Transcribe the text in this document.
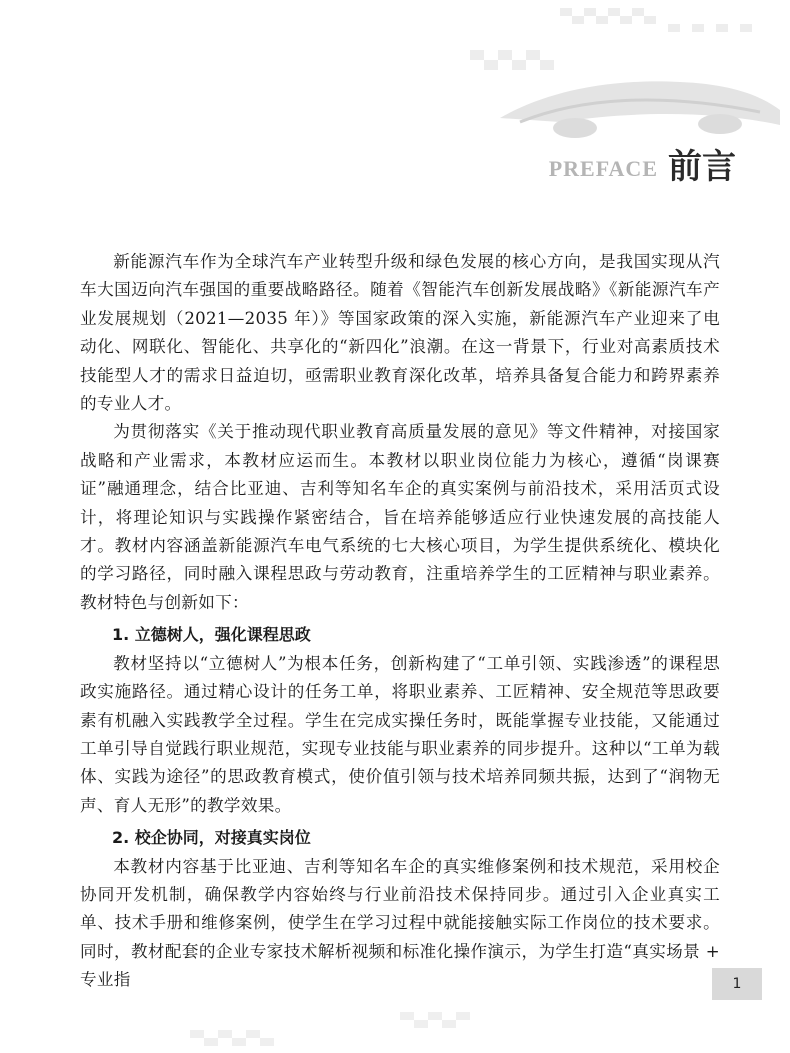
PREFACE 前言

新能源汽车作为全球汽车产业转型升级和绿色发展的核心方向，是我国实现从汽车大国迈向汽车强国的重要战略路径。随着《智能汽车创新发展战略》《新能源汽车产业发展规划（2021—2035 年）》等国家政策的深入实施，新能源汽车产业迎来了电动化、网联化、智能化、共享化的“新四化”浪潮。在这一背景下，行业对高素质技术技能型人才的需求日益迫切，亟需职业教育深化改革，培养具备复合能力和跨界素养的专业人才。

为贯彻落实《关于推动现代职业教育高质量发展的意见》等文件精神，对接国家战略和产业需求，本教材应运而生。本教材以职业岗位能力为核心，遵循“岗课赛证”融通理念，结合比亚迪、吉利等知名车企的真实案例与前沿技术，采用活页式设计，将理论知识与实践操作紧密结合，旨在培养能够适应行业快速发展的高技能人才。教材内容涵盖新能源汽车电气系统的七大核心项目，为学生提供系统化、模块化的学习路径，同时融入课程思政与劳动教育，注重培养学生的工匠精神与职业素养。教材特色与创新如下：

1. 立德树人，强化课程思政

教材坚持以“立德树人”为根本任务，创新构建了“工单引领、实践渗透”的课程思政实施路径。通过精心设计的任务工单，将职业素养、工匠精神、安全规范等思政要素有机融入实践教学全过程。学生在完成实操任务时，既能掌握专业技能，又能通过工单引导自觉践行职业规范，实现专业技能与职业素养的同步提升。这种以“工单为载体、实践为途径”的思政教育模式，使价值引领与技术培养同频共振，达到了“润物无声、育人无形”的教学效果。

2. 校企协同，对接真实岗位

本教材内容基于比亚迪、吉利等知名车企的真实维修案例和技术规范，采用校企协同开发机制，确保教学内容始终与行业前沿技术保持同步。通过引入企业真实工单、技术手册和维修案例，使学生在学习过程中就能接触实际工作岗位的技术要求。同时，教材配套的企业专家技术解析视频和标准化操作演示，为学生打造“真实场景 + 专业指	1
